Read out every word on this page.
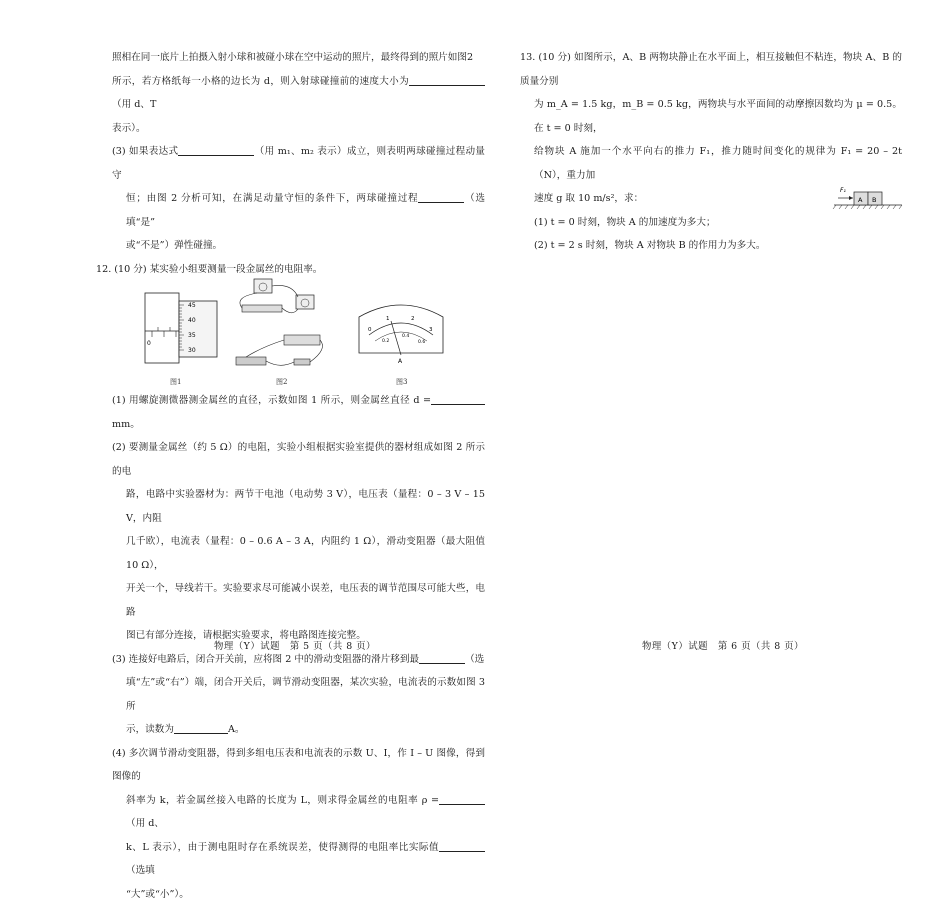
照相在同一底片上拍摄入射小球和被碰小球在空中运动的照片，最终得到的照片如图2

所示，若方格纸每一小格的边长为 d，则入射球碰撞前的速度大小为（用 d、T

表示）。

(3) 如果表达式	（用 m₁、m₂ 表示）成立，则表明两球碰撞过程动量守

恒；由图 2 分析可知，在满足动量守恒的条件下，两球碰撞过程	（选填“是”

或“不是”）弹性碰撞。

12. (10 分) 某实验小组要测量一段金属丝的电阻率。

0
45
40
35
30
图1	图2
0
1	2
3
0.2
0.4
0.6
A
图3

(1) 用螺旋测微器测金属丝的直径，示数如图 1 所示，则金属丝直径 d =mm。

(2) 要测量金属丝（约 5 Ω）的电阻，实验小组根据实验室提供的器材组成如图 2 所示的电

路，电路中实验器材为：两节干电池（电动势 3 V），电压表（量程：0 – 3 V – 15 V，内阻

几千欧），电流表（量程：0 – 0.6 A – 3 A，内阻约 1 Ω），滑动变阻器（最大阻值 10 Ω），

开关一个，导线若干。实验要求尽可能减小误差，电压表的调节范围尽可能大些，电路

图已有部分连接，请根据实验要求，将电路图连接完整。

(3) 连接好电路后，闭合开关前，应将图 2 中的滑动变阻器的滑片移到最	（选

填“左”或“右”）端，闭合开关后，调节滑动变阻器，某次实验，电流表的示数如图 3 所

示，读数为	A。

(4) 多次调节滑动变阻器，得到多组电压表和电流表的示数 U、I，作 I – U 图像，得到图像的

斜率为 k，若金属丝接入电路的长度为 L，则求得金属丝的电阻率 ρ =（用 d、

k、L 表示），由于测电阻时存在系统误差，使得测得的电阻率比实际值（选填

“大”或“小”）。

物理（Y）试题　第 5 页（共 8 页）

13. (10 分) 如图所示，A、B 两物块静止在水平面上，相互接触但不粘连，物块 A、B 的质量分别

为 m_A = 1.5 kg，m_B = 0.5 kg，两物块与水平面间的动摩擦因数均为 μ = 0.5。在 t = 0 时刻，

给物块 A 施加一个水平向右的推力 F₁，推力随时间变化的规律为 F₁ = 20 – 2t（N），重力加

速度 g 取 10 m/s²，求：

(1) t = 0 时刻，物块 A 的加速度为多大；

(2) t = 2 s 时刻，物块 A 对物块 B 的作用力为多大。

A B
F₁
物理（Y）试题　第 6 页（共 8 页）
